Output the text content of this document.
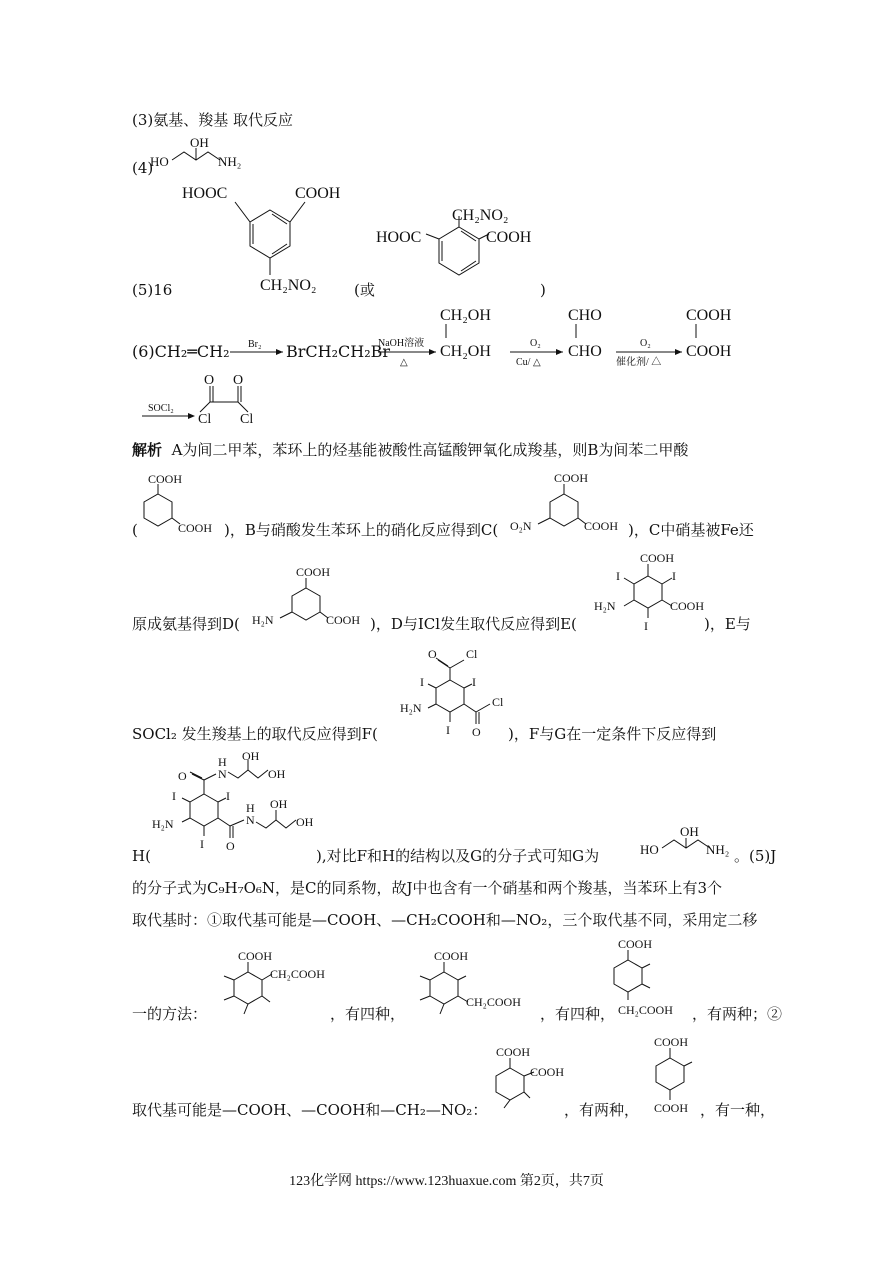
(3)氨基、羧基 取代反应
(4)
HO
OH
NH₂
(5)16
HOOC	COOH
CH₂NO₂	(或
CH₂NO₂
HOOC	COOH
)
(6)CH₂═CH₂ Br₂ BrCH₂CH₂Br
NaOH溶液
△
CH₂OH
CH₂OH	O₂
Cu/ △
CHO
CHO	O₂
催化剂/ △
COOH
COOH
SOCl₂
O O
Cl Cl
解析 A为间二甲苯，苯环上的烃基能被酸性高锰酸钾氧化成羧基，则B为间苯二甲酸
(
COOH
COOH )，B与硝酸发生苯环上的硝化反应得到C(
COOH
COOH
O₂N	)，C中硝基被Fe还
原成氨基得到D(
COOH
COOH
H₂N	)，D与ICl发生取代反应得到E(
COOH
COOH
H₂N
I	I
I	)，E与
SOCl₂ 发生羧基上的取代反应得到F(
O Cl
I	I
H₂N	Cl
O
I	)，F与G在一定条件下反应得到
O	N
H OH
OH
I	I
H₂N	N
H OH
OH
O
I
H(	),对比F和H的结构以及G的分子式可知G为	HO
OH
NH₂ 。(5)J
的分子式为C₉H₇O₆N，是C的同系物，故J中也含有一个硝基和两个羧基，当苯环上有3个
取代基时：①取代基可能是—COOH、—CH₂COOH和—NO₂，三个取代基不同，采用定二移
一的方法：
COOH
CH₂COOH
，有四种，
COOH
CH₂COOH
，有四种，
COOH
CH₂COOH ，有两种；②
取代基可能是—COOH、—COOH和—CH₂—NO₂：
COOH
COOH
，有两种，
COOH
COOH ，有一种，
123化学网 https://www.123huaxue.com 第2页，共7页
